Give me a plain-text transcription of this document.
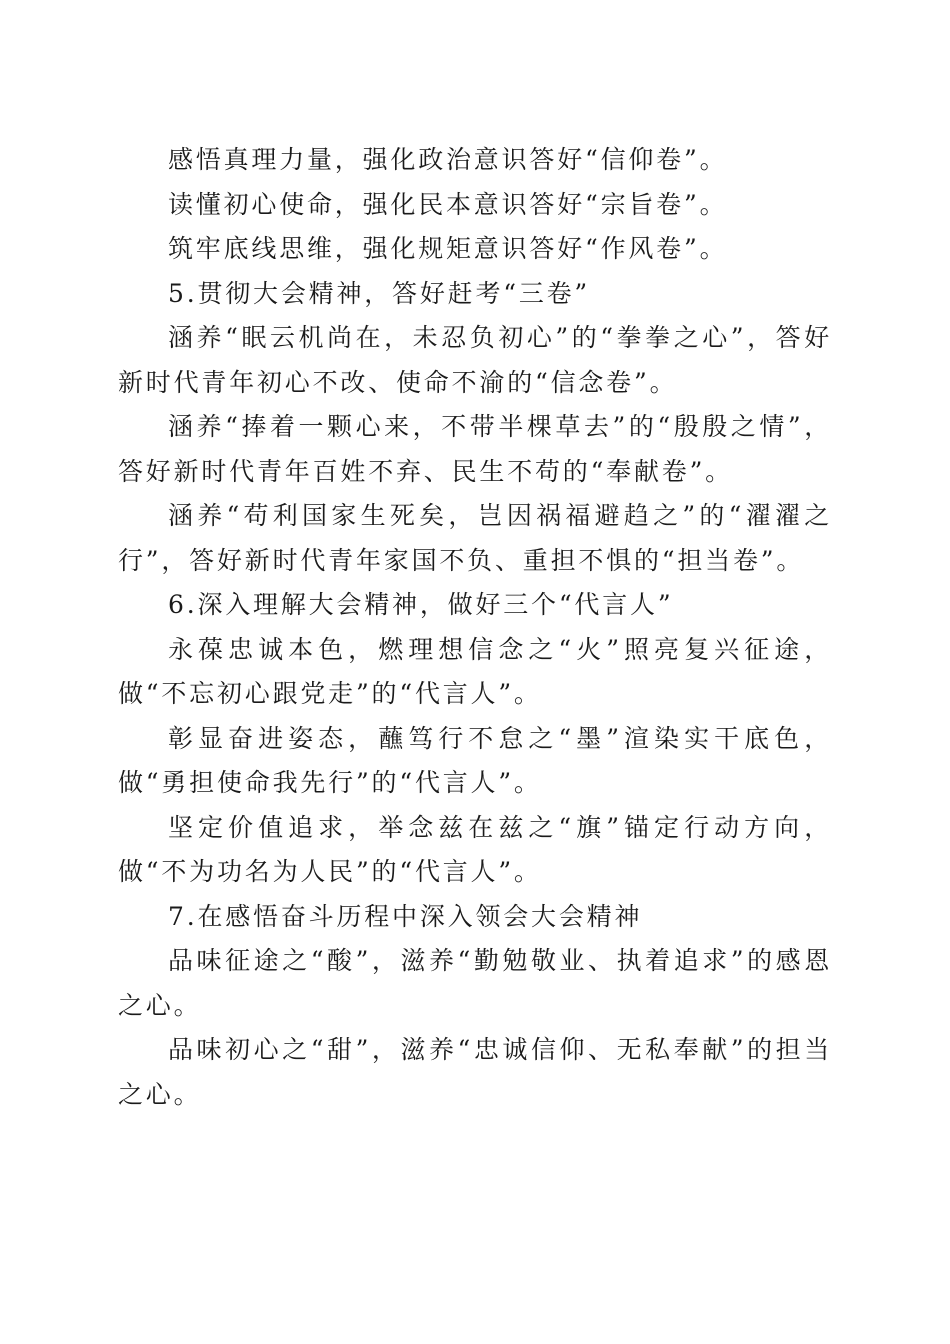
感悟真理力量，强化政治意识答好“信仰卷”。

读懂初心使命，强化民本意识答好“宗旨卷”。

筑牢底线思维，强化规矩意识答好“作风卷”。

5.贯彻大会精神，答好赶考“三卷”

涵养“眠云机尚在，未忍负初心”的“拳拳之心”，答好新时代青年初心不改、使命不渝的“信念卷”。

涵养“捧着一颗心来，不带半棵草去”的“殷殷之情”，答好新时代青年百姓不弃、民生不苟的“奉献卷”。

涵养“苟利国家生死矣，岂因祸福避趋之”的“濯濯之行”，答好新时代青年家国不负、重担不惧的“担当卷”。

6.深入理解大会精神，做好三个“代言人”

永葆忠诚本色，燃理想信念之“火”照亮复兴征途，做“不忘初心跟党走”的“代言人”。

彰显奋进姿态，蘸笃行不怠之“墨”渲染实干底色，做“勇担使命我先行”的“代言人”。

坚定价值追求，举念兹在兹之“旗”锚定行动方向，做“不为功名为人民”的“代言人”。

7.在感悟奋斗历程中深入领会大会精神

品味征途之“酸”，滋养“勤勉敬业、执着追求”的感恩之心。

品味初心之“甜”，滋养“忠诚信仰、无私奉献”的担当之心。
